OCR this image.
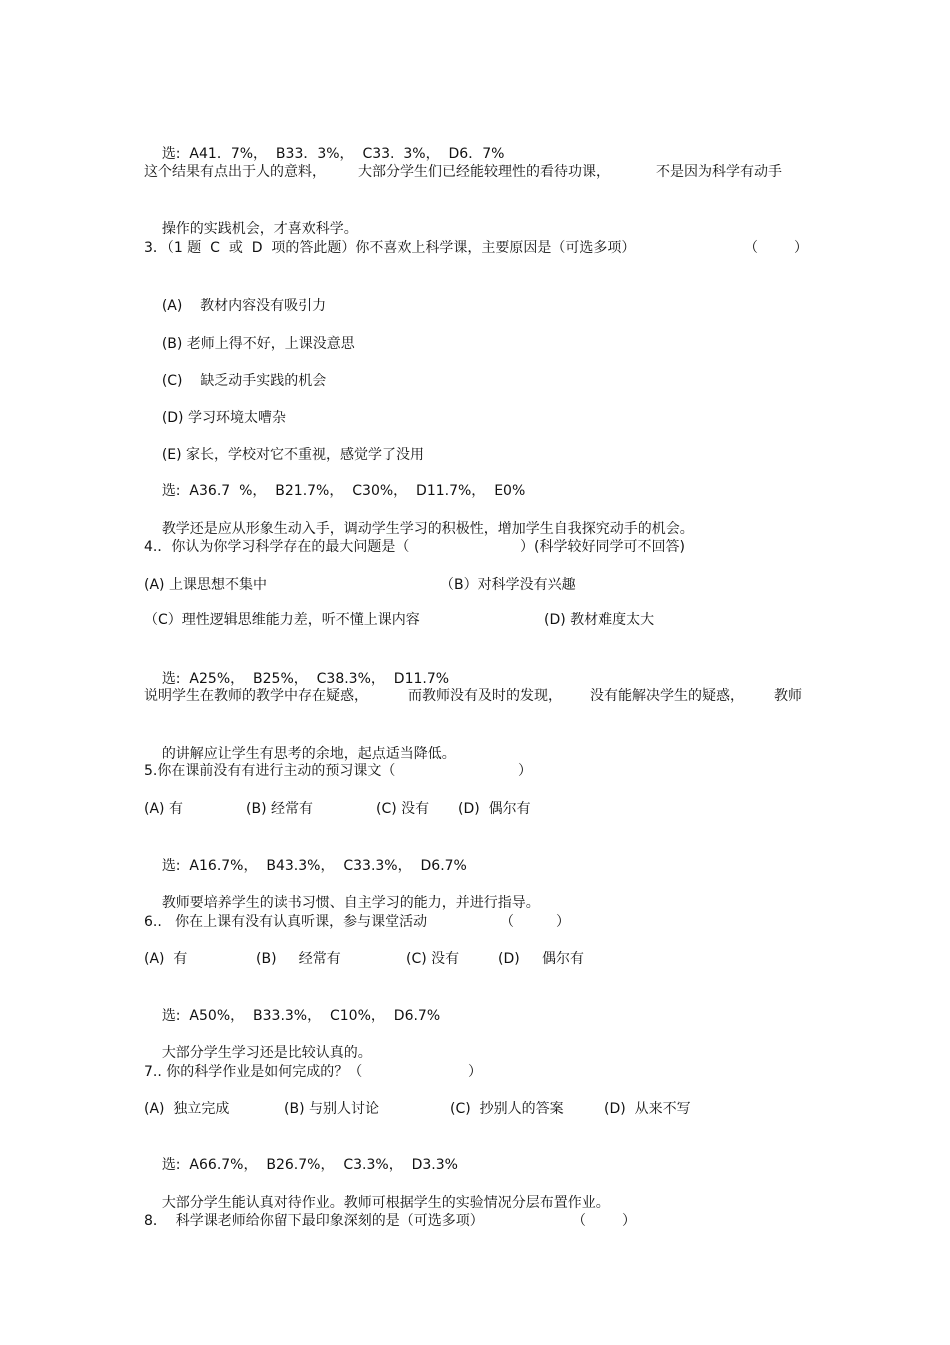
选:  A41．7%，  B33．3%，  C33.  3%，  D6．7%

这个结果有点出于人的意料，

大部分学生们已经能较理性的看待功课，

	不是因为科学有动手

操作的实践机会，才喜欢科学。

3．（1 题  C  或  D  项的答此题）你不喜欢上科学课，主要原因是（可选多项）

	（

	）

(A)    教材内容没有吸引力

(B) 老师上得不好，上课没意思

(C)    缺乏动手实践的机会

(D) 学习环境太嘈杂

(E) 家长，学校对它不重视，感觉学了没用

选:  A36.7  %，  B21.7%，  C30%，  D11.7%，  E0%

教学还是应从形象生动入手，调动学生学习的积极性，增加学生自我探究动手的机会。

4.．你认为你学习科学存在的最大问题是（

	）(科学较好同学可不回答)

(A) 上课思想不集中

	（B）对科学没有兴趣

（C）理性逻辑思维能力差，听不懂上课内容

	(D) 教材难度太大

选:  A25%，  B25%，  C38.3%，  D11.7%

说明学生在教师的教学中存在疑惑，

	而教师没有及时的发现，

没有能解决学生的疑惑，

教师

的讲解应让学生有思考的余地，起点适当降低。

5.你在课前没有有进行主动的预习课文（

	）

(A) 有

	(B) 经常有

	(C) 没有

(D)  偶尔有

选:  A16.7%，  B43.3%，  C33.3%，  D6.7%

教师要培养学生的读书习惯、自主学习的能力，并进行指导。

6..   你在上课有没有认真听课，参与课堂活动

	（

	）

(A)  有

	(B)     经常有

	(C) 没有

	(D)     偶尔有

选:  A50%，  B33.3%，  C10%，  D6.7%

大部分学生学习还是比较认真的。

7.. 你的科学作业是如何完成的？（

	）

(A)  独立完成

	(B) 与别人讨论

	(C)  抄别人的答案

	(D)  从来不写

选:  A66.7%，  B26.7%，  C3.3%，  D3.3%

大部分学生能认真对待作业。教师可根据学生的实验情况分层布置作业。

8．  科学课老师给你留下最印象深刻的是（可选多项）

	（

	）
